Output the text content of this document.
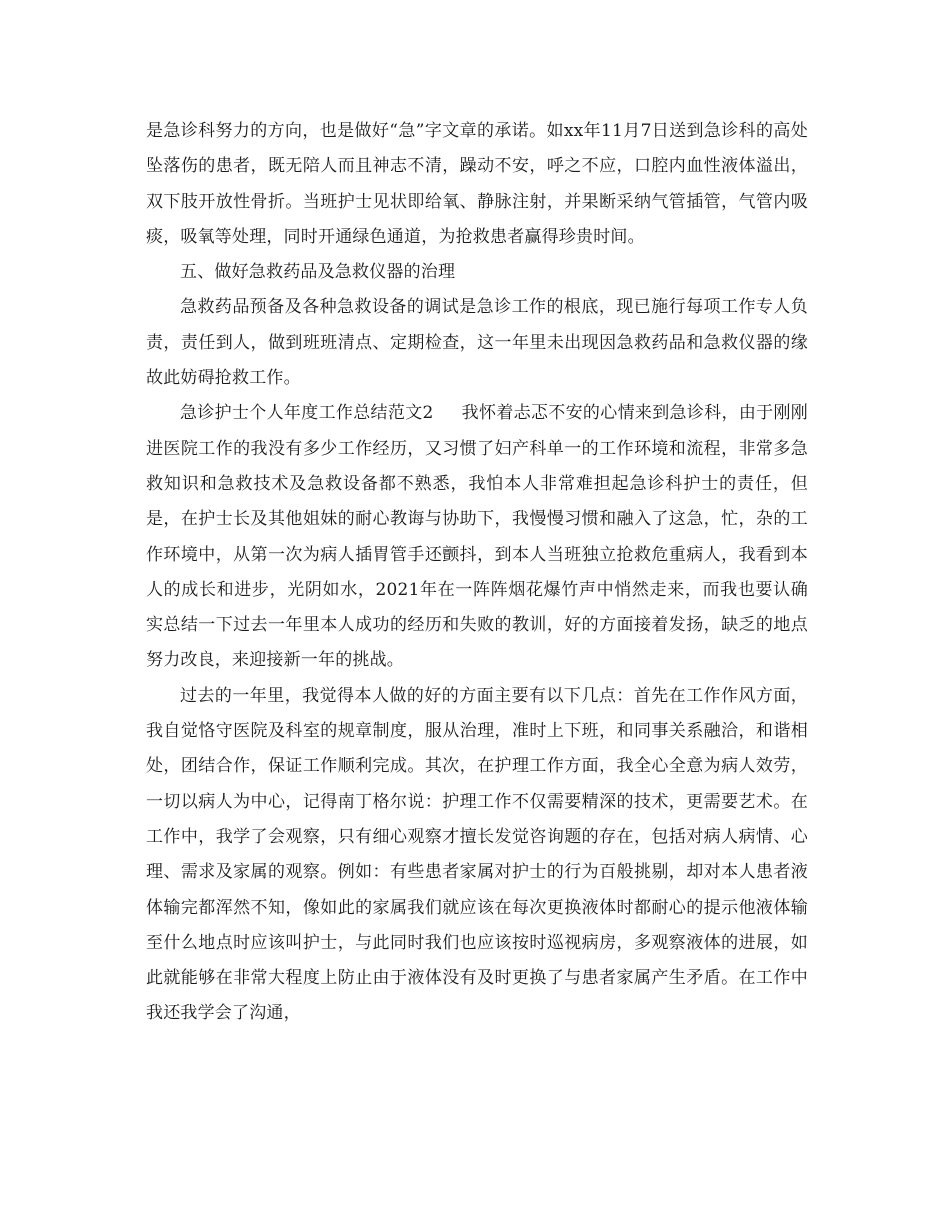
是急诊科努力的方向，也是做好“急”字文章的承诺。如xx年11月7日送到急诊科的高处坠落伤的患者，既无陪人而且神志不清，躁动不安，呼之不应，口腔内血性液体溢出，双下肢开放性骨折。当班护士见状即给氧、静脉注射，并果断采纳气管插管，气管内吸痰，吸氧等处理，同时开通绿色通道，为抢救患者赢得珍贵时间。

五、做好急救药品及急救仪器的治理

急救药品预备及各种急救设备的调试是急诊工作的根底，现已施行每项工作专人负责，责任到人，做到班班清点、定期检查，这一年里未出现因急救药品和急救仪器的缘故此妨碍抢救工作。

急诊护士个人年度工作总结范文2 我怀着忐忑不安的心情来到急诊科，由于刚刚进医院工作的我没有多少工作经历，又习惯了妇产科单一的工作环境和流程，非常多急救知识和急救技术及急救设备都不熟悉，我怕本人非常难担起急诊科护士的责任，但是，在护士长及其他姐妹的耐心教诲与协助下，我慢慢习惯和融入了这急，忙，杂的工作环境中，从第一次为病人插胃管手还颤抖，到本人当班独立抢救危重病人，我看到本人的成长和进步，光阴如水，2021年在一阵阵烟花爆竹声中悄然走来，而我也要认确实总结一下过去一年里本人成功的经历和失败的教训，好的方面接着发扬，缺乏的地点努力改良，来迎接新一年的挑战。

过去的一年里，我觉得本人做的好的方面主要有以下几点：首先在工作作风方面，我自觉恪守医院及科室的规章制度，服从治理，准时上下班，和同事关系融洽，和谐相处，团结合作，保证工作顺利完成。其次，在护理工作方面，我全心全意为病人效劳，一切以病人为中心，记得南丁格尔说：护理工作不仅需要精深的技术，更需要艺术。在工作中，我学了会观察，只有细心观察才擅长发觉咨询题的存在，包括对病人病情、心理、需求及家属的观察。例如：有些患者家属对护士的行为百般挑剔，却对本人患者液体输完都浑然不知，像如此的家属我们就应该在每次更换液体时都耐心的提示他液体输至什么地点时应该叫护士，与此同时我们也应该按时巡视病房，多观察液体的进展，如此就能够在非常大程度上防止由于液体没有及时更换了与患者家属产生矛盾。在工作中我还我学会了沟通，
